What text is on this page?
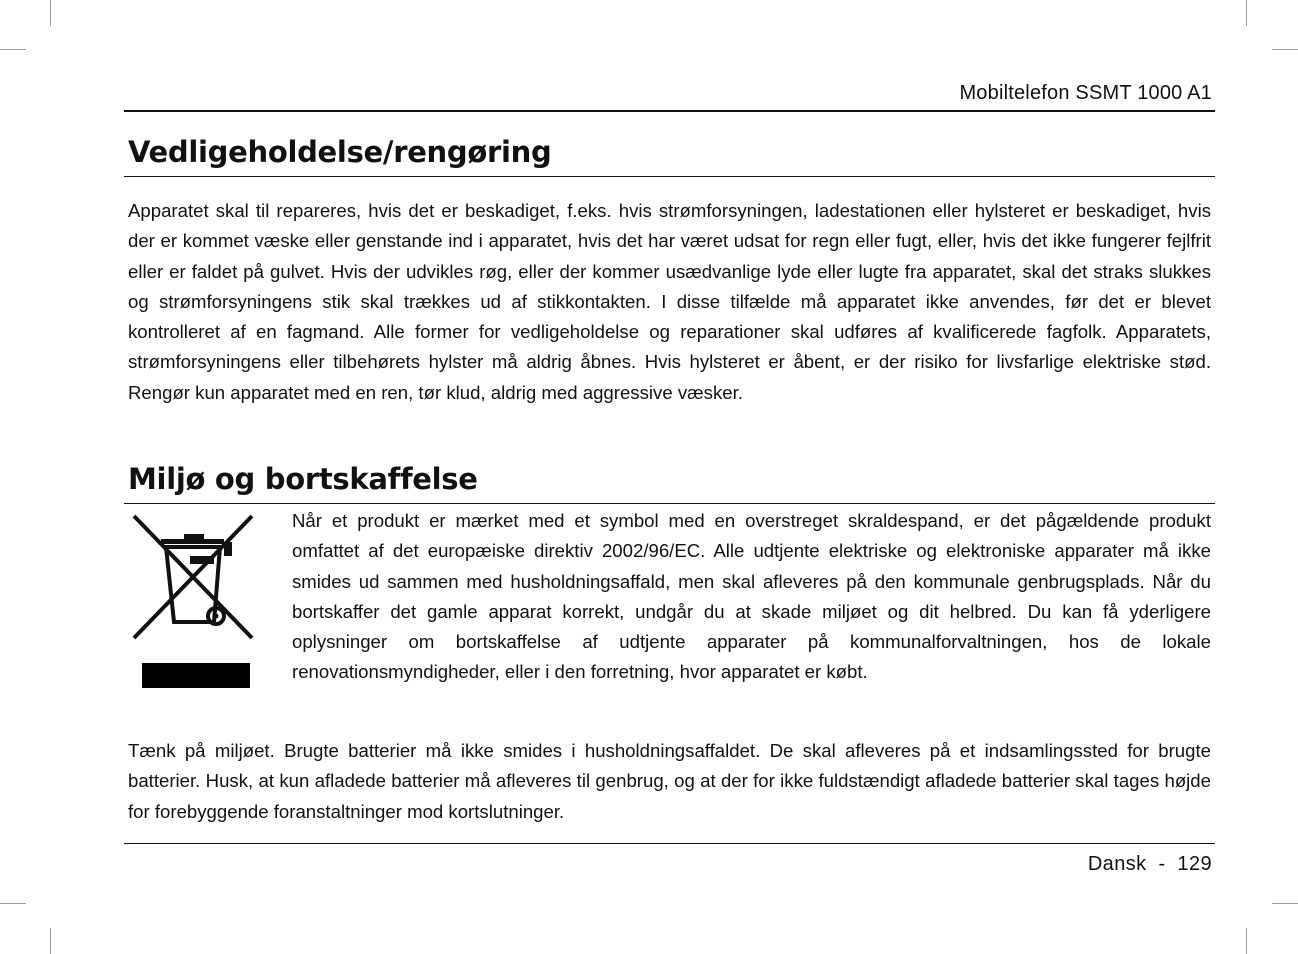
Mobiltelefon SSMT 1000 A1
Vedligeholdelse/rengøring

Apparatet skal til repareres, hvis det er beskadiget, f.eks. hvis strømforsyningen, ladestationen eller hylsteret er beskadiget, hvis der er kommet væske eller genstande ind i apparatet, hvis det har været udsat for regn eller fugt, eller, hvis det ikke fungerer fejlfrit eller er faldet på gulvet. Hvis der udvikles røg, eller der kommer usædvanlige lyde eller lugte fra apparatet, skal det straks slukkes og strømforsyningens stik skal trækkes ud af stikkontakten. I disse tilfælde må apparatet ikke anvendes, før det er blevet kontrolleret af en fagmand. Alle former for vedligeholdelse og reparationer skal udføres af kvalificerede fagfolk. Apparatets, strømforsyningens eller tilbehørets hylster må aldrig åbnes. Hvis hylsteret er åbent, er der risiko for livsfarlige elektriske stød. Rengør kun apparatet med en ren, tør klud, aldrig med aggressive væsker.

Miljø og bortskaffelse

Når et produkt er mærket med et symbol med en overstreget skraldespand, er det pågældende produkt omfattet af det europæiske direktiv 2002/96/EC. Alle udtjente elektriske og elektroniske apparater må ikke smides ud sammen med husholdningsaffald, men skal afleveres på den kommunale genbrugsplads. Når du bortskaffer det gamle apparat korrekt, undgår du at skade miljøet og dit helbred. Du kan få yderligere oplysninger om bortskaffelse af udtjente apparater på kommunalforvaltningen, hos de lokale renovationsmyndigheder, eller i den forretning, hvor apparatet er købt.

Tænk på miljøet. Brugte batterier må ikke smides i husholdningsaffaldet. De skal afleveres på et indsamlingssted for brugte batterier. Husk, at kun afladede batterier må afleveres til genbrug, og at der for ikke fuldstændigt afladede batterier skal tages højde for forebyggende foranstaltninger mod kortslutninger.

Dansk  -  129
